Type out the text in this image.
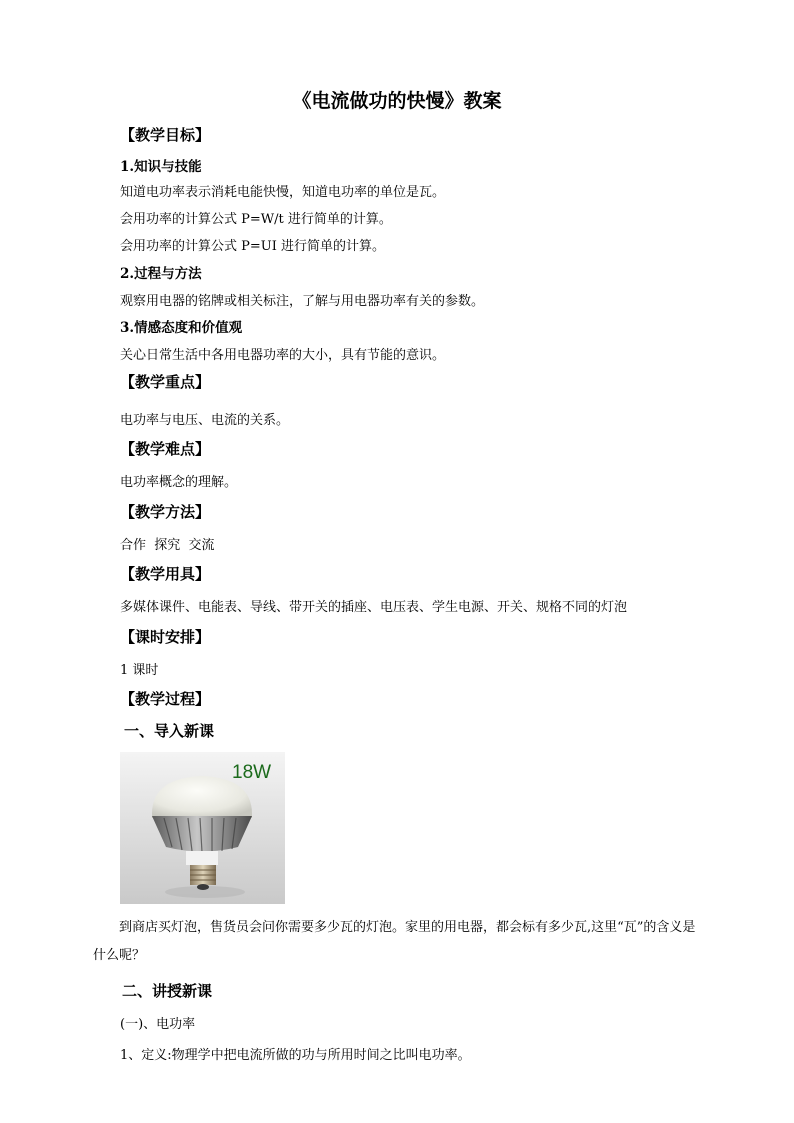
《电流做功的快慢》教案
【教学目标】
1.知识与技能
知道电功率表示消耗电能快慢，知道电功率的单位是瓦。
会用功率的计算公式 P=W/t 进行简单的计算。
会用功率的计算公式 P=UI 进行简单的计算。
2.过程与方法
观察用电器的铭牌或相关标注，了解与用电器功率有关的参数。
3.情感态度和价值观
关心日常生活中各用电器功率的大小，具有节能的意识。
【教学重点】
电功率与电压、电流的关系。
【教学难点】
电功率概念的理解。
【教学方法】
合作  探究  交流
【教学用具】
多媒体课件、电能表、导线、带开关的插座、电压表、学生电源、开关、规格不同的灯泡
【课时安排】
1 课时
【教学过程】
一、导入新课
18W
到商店买灯泡，售货员会问你需要多少瓦的灯泡。家里的用电器，都会标有多少瓦,这里“瓦”的含义是什么呢？
二、讲授新课
(一)、电功率
1、定义:物理学中把电流所做的功与所用时间之比叫电功率。
